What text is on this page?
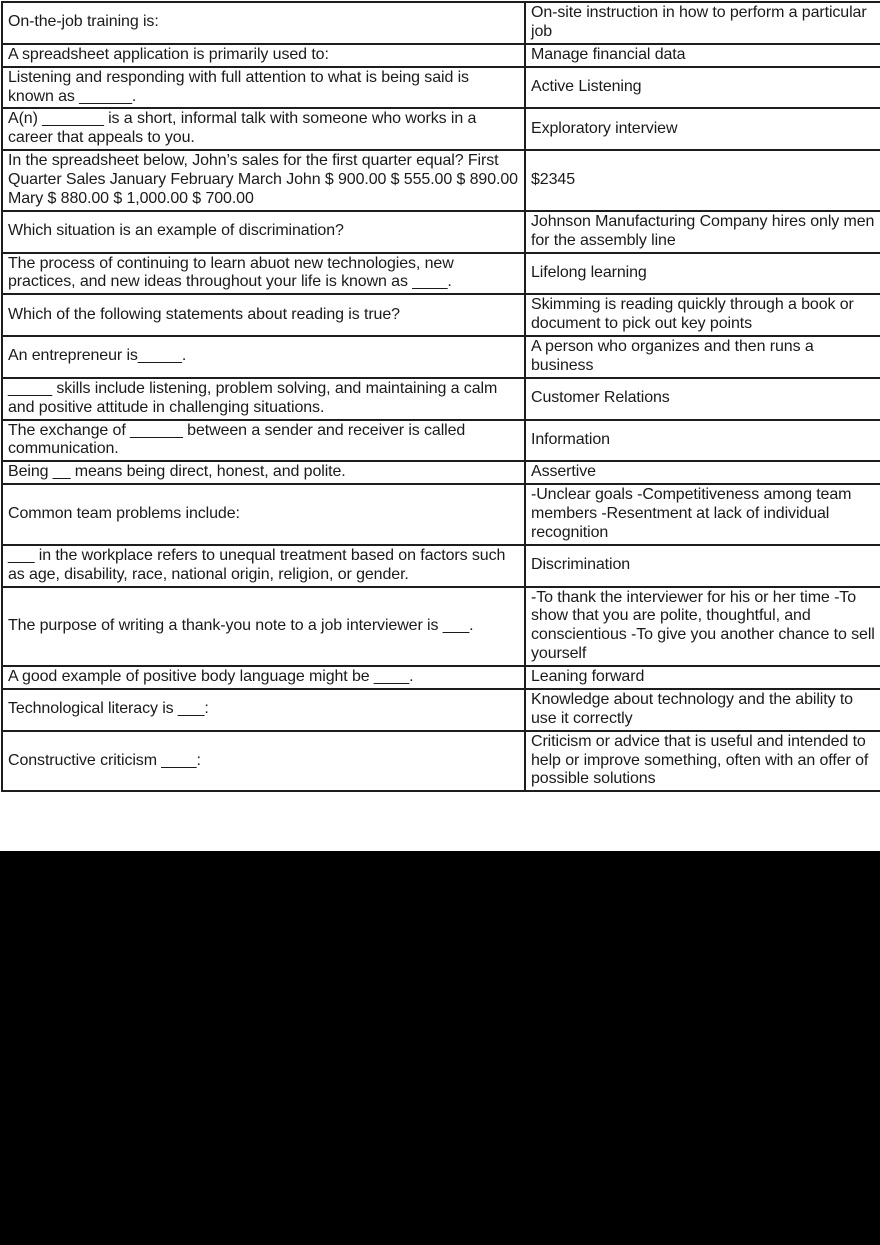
On-the-job training is:	On-site instruction in how to perform a particular job
A spreadsheet application is primarily used to:	Manage financial data
Listening and responding with full attention to what is being said is known as ______.	Active Listening
A(n) _______ is a short, informal talk with someone who works in a career that appeals to you.	Exploratory interview
In the spreadsheet below, John’s sales for the first quarter equal? First Quarter Sales January February March John $ 900.00 $ 555.00 $ 890.00 Mary $ 880.00 $ 1,000.00 $ 700.00	$2345
Which situation is an example of discrimination?	Johnson Manufacturing Company hires only men for the assembly line
The process of continuing to learn abuot new technologies, new practices, and new ideas throughout your life is known as ____.	Lifelong learning
Which of the following statements about reading is true?	Skimming is reading quickly through a book or document to pick out key points
An entrepreneur is_____.	A person who organizes and then runs a business
_____ skills include listening, problem solving, and maintaining a calm and positive attitude in challenging situations.	Customer Relations
The exchange of ______ between a sender and receiver is called communication.	Information
Being __ means being direct, honest, and polite.	Assertive
Common team problems include:	-Unclear goals -Competitiveness among team members -Resentment at lack of individual recognition
___ in the workplace refers to unequal treatment based on factors such as age, disability, race, national origin, religion, or gender.	Discrimination
The purpose of writing a thank-you note to a job interviewer is ___.	-To thank the interviewer for his or her time -To show that you are polite, thoughtful, and conscientious -To give you another chance to sell yourself
A good example of positive body language might be ____.	Leaning forward
Technological literacy is ___:	Knowledge about technology and the ability to use it correctly
Constructive criticism ____:	Criticism or advice that is useful and intended to help or improve something, often with an offer of possible solutions
